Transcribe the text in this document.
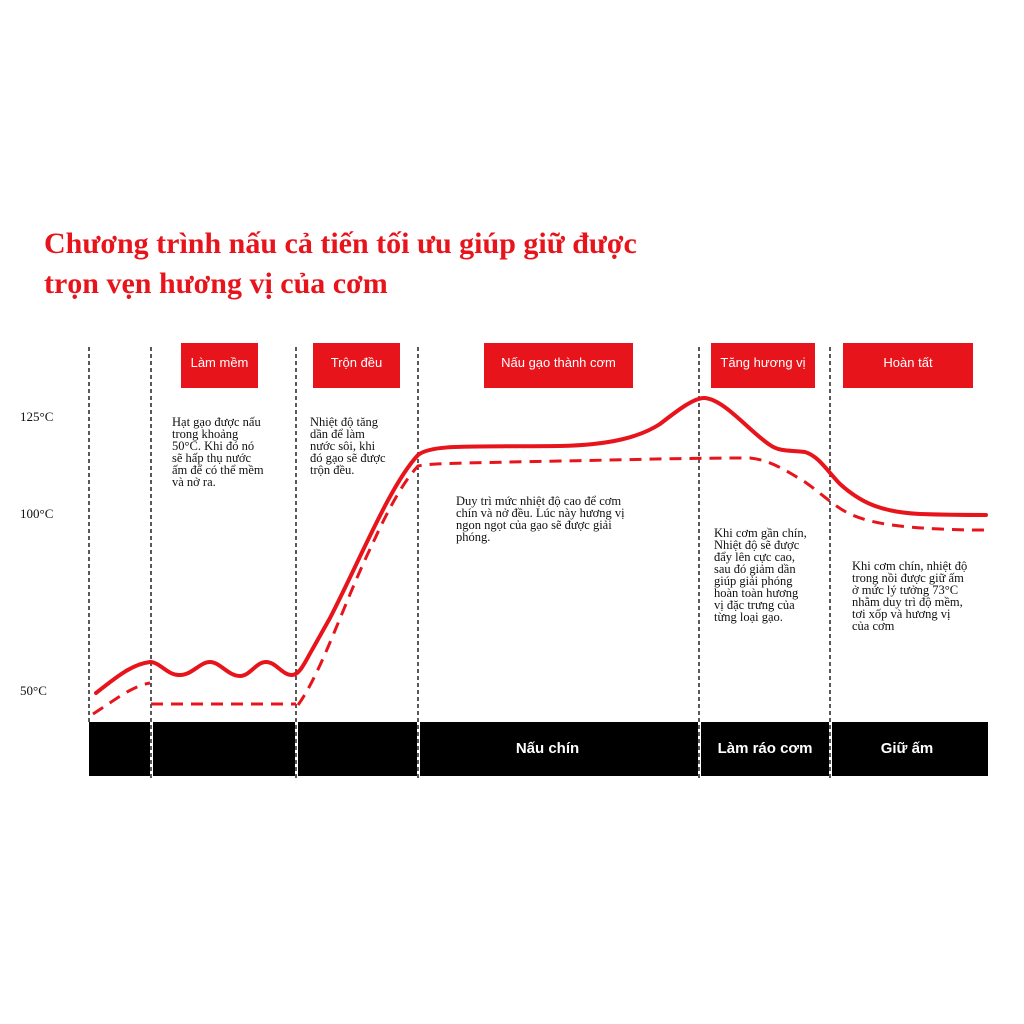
Chương trình nấu cả tiến tối ưu giúp giữ được
trọn vẹn hương vị của cơm
125°C
100°C
50°C
Làm mềm	Trộn đều	Nấu gạo thành cơm	Tăng hương vị	Hoàn tất
Hạt gạo được nấu
trong khoảng
50°C. Khi đó nó
sẽ hấp thụ nước
ấm để có thể mềm
và nở ra.
Nhiệt độ tăng
dần để làm
nước sôi, khi
đó gạo sẽ được
trộn đều.
Duy trì mức nhiệt độ cao để cơm
chín và nở đều. Lúc này hương vị
ngon ngọt của gạo sẽ được giải
phóng.	Khi cơm gần chín,
Nhiệt độ sẽ được
đẩy lên cực cao,
sau đó giảm dần
giúp giải phóng
hoàn toàn hương
vị đặc trưng của
từng loại gạo.
Khi cơm chín, nhiệt độ
trong nồi được giữ ấm
ở mức lý tưởng 73°C
nhằm duy trì độ mềm,
tơi xốp và hương vị
của cơm
Nấu chín	Làm ráo cơm	Giữ ấm
